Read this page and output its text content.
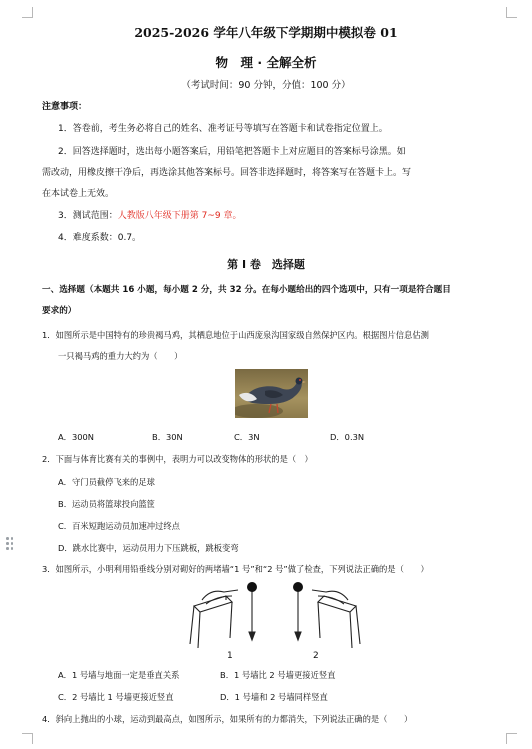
2025-2026 学年八年级下学期期中模拟卷 01
物　理 · 全解全析
（考试时间：90 分钟，分值：100 分）
注意事项：
1．答卷前，考生务必将自己的姓名、准考证号等填写在答题卡和试卷指定位置上。
2．回答选择题时，选出每小题答案后，用铅笔把答题卡上对应题目的答案标号涂黑。如
需改动，用橡皮擦干净后，再选涂其他答案标号。回答非选择题时，将答案写在答题卡上。写
在本试卷上无效。
3．测试范围：人教版八年级下册第 7~9 章。
4．难度系数：0.7。
第 I 卷　选择题
一、选择题（本题共 16 小题，每小题 2 分，共 32 分。在每小题给出的四个选项中，只有一项是符合题目
要求的）
1．如图所示是中国特有的珍贵褐马鸡，其栖息地位于山西庞泉沟国家级自然保护区内。根据图片信息估测
一只褐马鸡的重力大约为（　　）
A．300N	B．30N	C．3N	D．0.3N
2．下面与体育比赛有关的事例中，表明力可以改变物体的形状的是（　）
A．守门员截停飞来的足球
B．运动员将篮球投向篮筐
C．百米短跑运动员加速冲过终点
D．跳水比赛中，运动员用力下压跳板，跳板变弯
3．如图所示，小明利用铅垂线分别对砌好的两堵墙“1 号”和“2 号”做了检查，下列说法正确的是（　　）
1	2
A．1 号墙与地面一定是垂直关系	B．1 号墙比 2 号墙更接近竖直
C．2 号墙比 1 号墙更接近竖直	D．1 号墙和 2 号墙同样竖直
4．斜向上抛出的小球，运动到最高点，如图所示，如果所有的力都消失，下列说法正确的是（　　）
